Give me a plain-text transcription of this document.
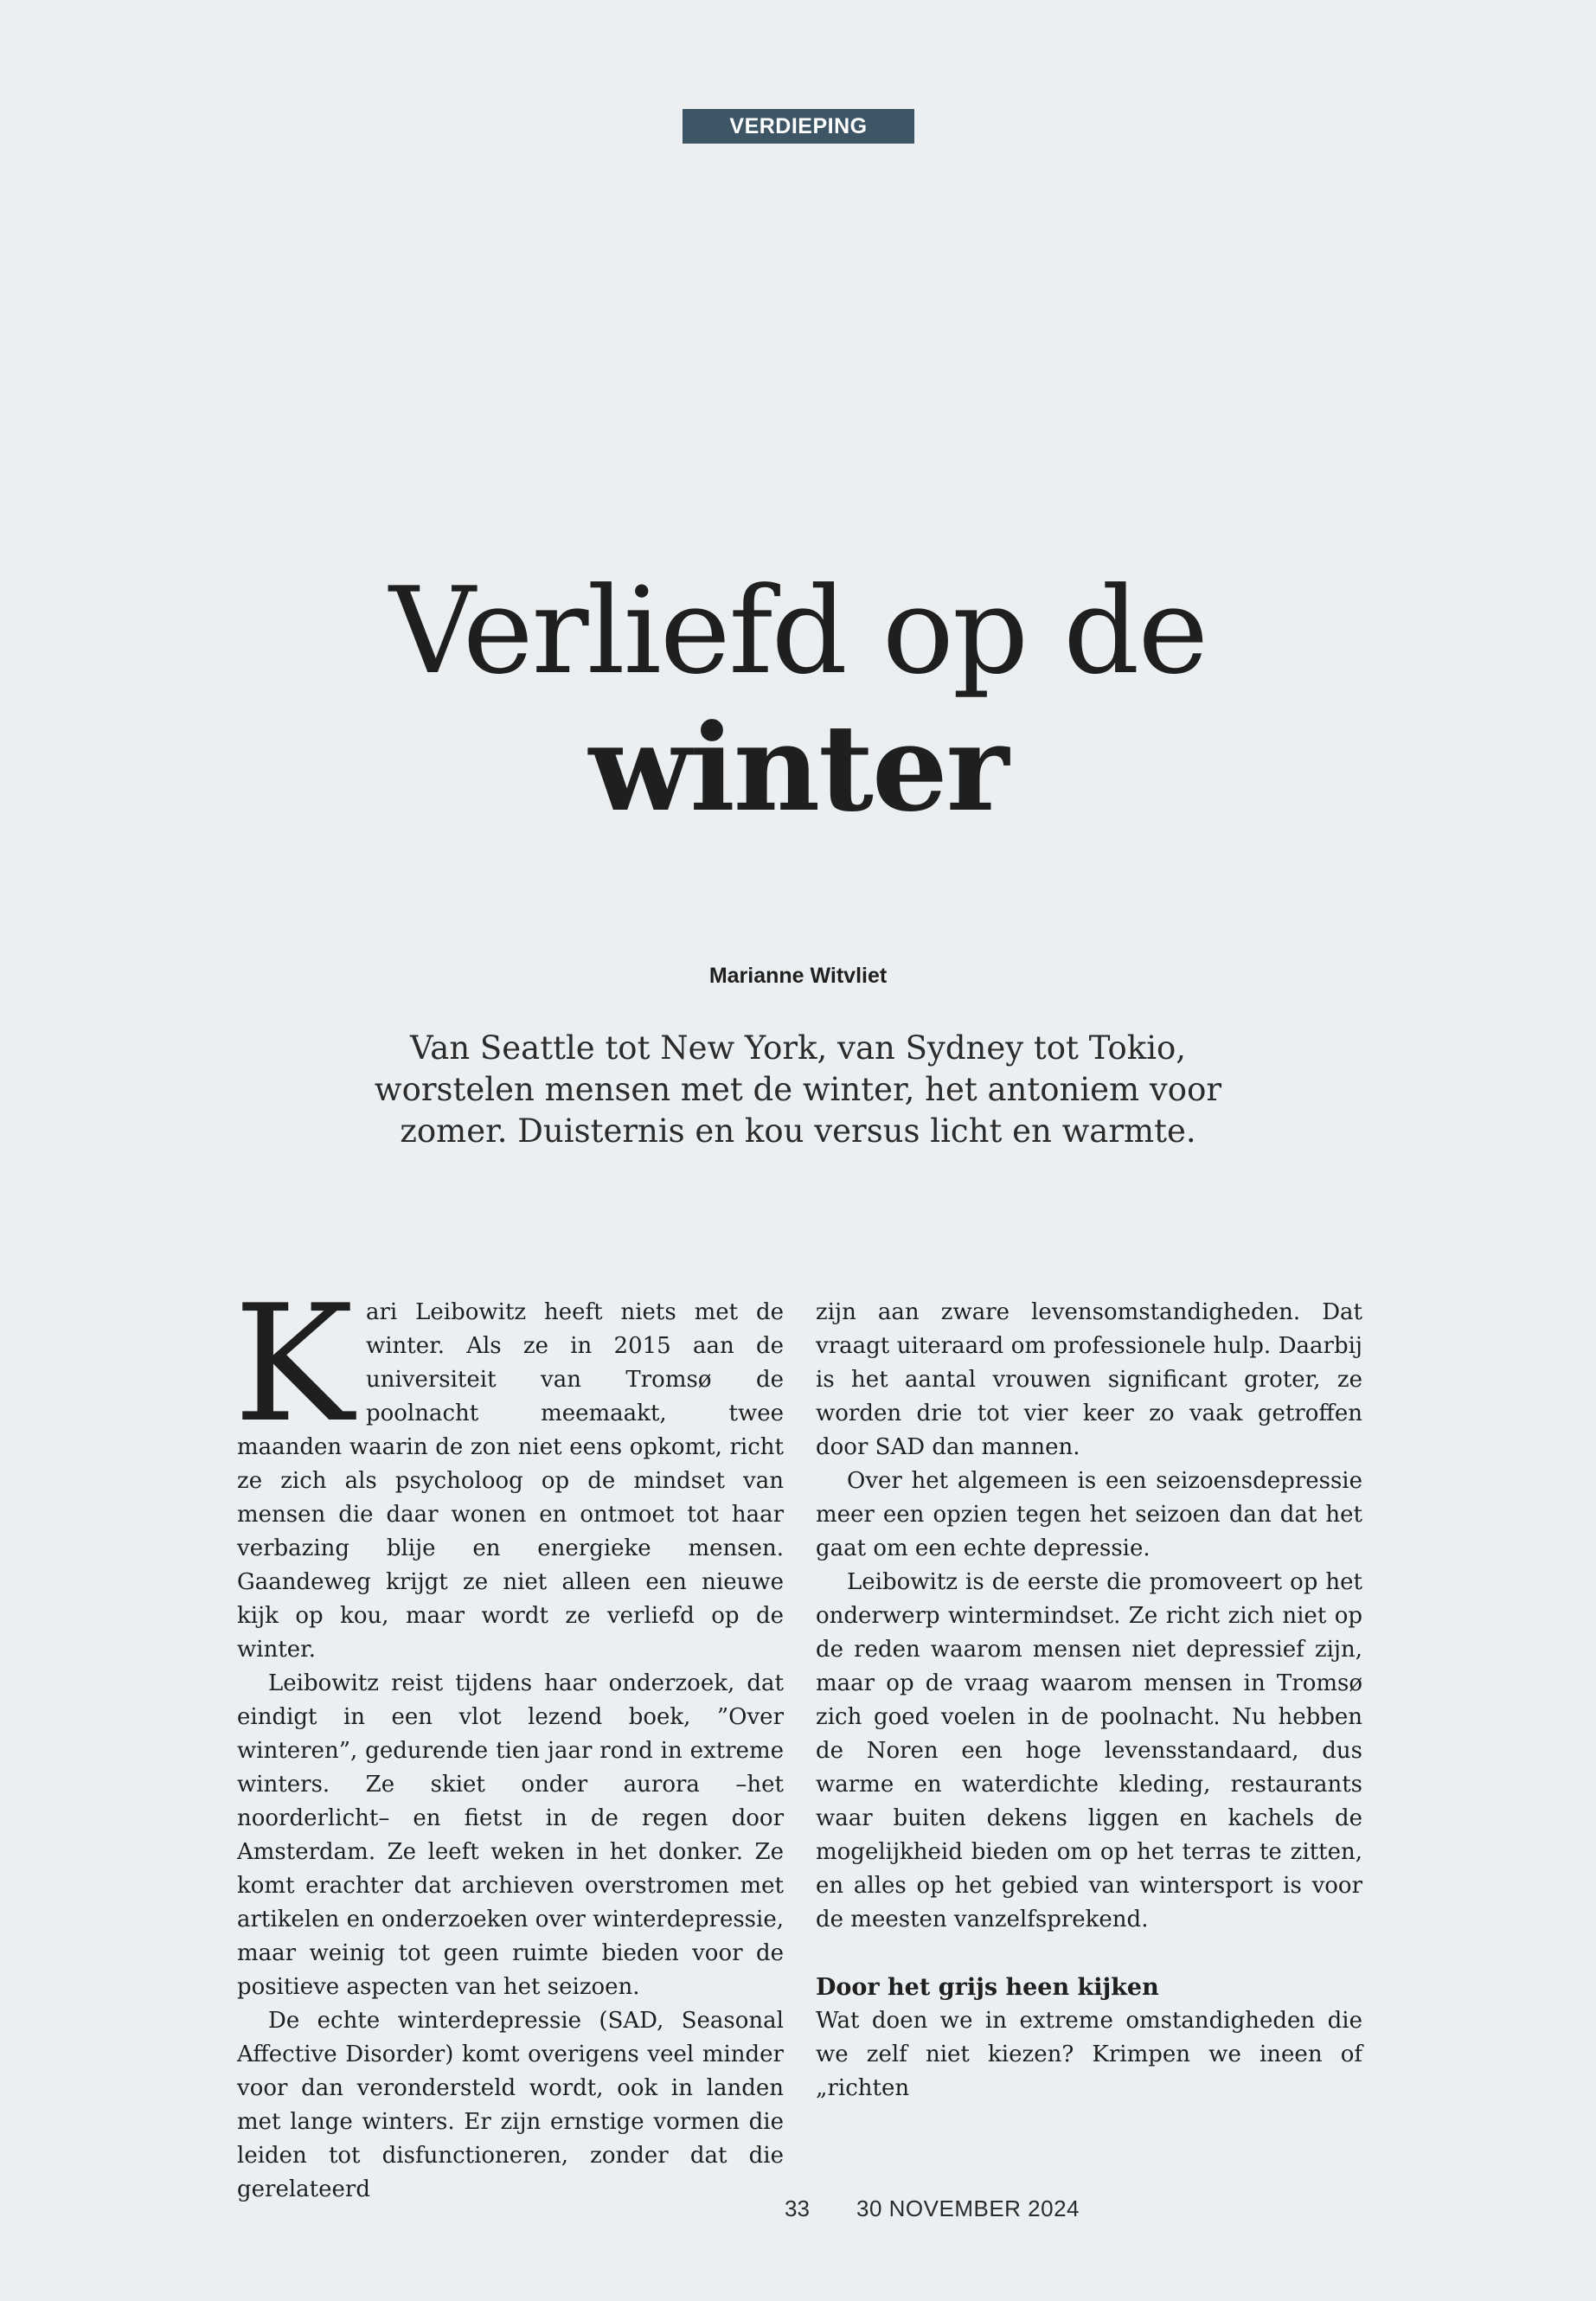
VERDIEPING
Verliefd op de
winter
Marianne Witvliet
Van Seattle tot New York, van Sydney tot Tokio, worstelen mensen met de winter, het antoniem voor zomer. Duisternis en kou versus licht en warmte.

Kari Leibowitz heeft niets met de winter. Als ze in 2015 aan de universiteit van Tromsø de poolnacht meemaakt, twee maanden waarin de zon niet eens opkomt, richt ze zich als psycholoog op de mindset van mensen die daar wonen en ontmoet tot haar verbazing blije en energieke mensen. Gaandeweg krijgt ze niet alleen een nieuwe kijk op kou, maar wordt ze verliefd op de winter.

Leibowitz reist tijdens haar onderzoek, dat eindigt in een vlot lezend boek, ”Over winteren”, gedurende tien jaar rond in extreme winters. Ze skiet onder aurora –het noorderlicht– en fietst in de regen door Amsterdam. Ze leeft weken in het donker. Ze komt erachter dat archieven overstromen met artikelen en onderzoeken over winterdepressie, maar weinig tot geen ruimte bieden voor de positieve aspecten van het seizoen.

De echte winterdepressie (SAD, Seasonal Affective Disorder) komt overigens veel minder voor dan verondersteld wordt, ook in landen met lange winters. Er zijn ernstige vormen die leiden tot disfunctioneren, zonder dat die gerelateerd

zijn aan zware levensomstandigheden. Dat vraagt uiteraard om professionele hulp. Daarbij is het aantal vrouwen significant groter, ze worden drie tot vier keer zo vaak getroffen door SAD dan mannen.

Over het algemeen is een seizoensdepressie meer een opzien tegen het seizoen dan dat het gaat om een echte depressie.

Leibowitz is de eerste die promoveert op het onderwerp wintermindset. Ze richt zich niet op de reden waarom mensen niet depressief zijn, maar op de vraag waarom mensen in Tromsø zich goed voelen in de poolnacht. Nu hebben de Noren een hoge levensstandaard, dus warme en waterdichte kleding, restaurants waar buiten dekens liggen en kachels de mogelijkheid bieden om op het terras te zitten, en alles op het gebied van wintersport is voor de meesten vanzelfsprekend.

Door het grijs heen kijken

Wat doen we in extreme omstandigheden die we zelf niet kiezen? Krimpen we ineen of „richten

33 30 NOVEMBER 2024
